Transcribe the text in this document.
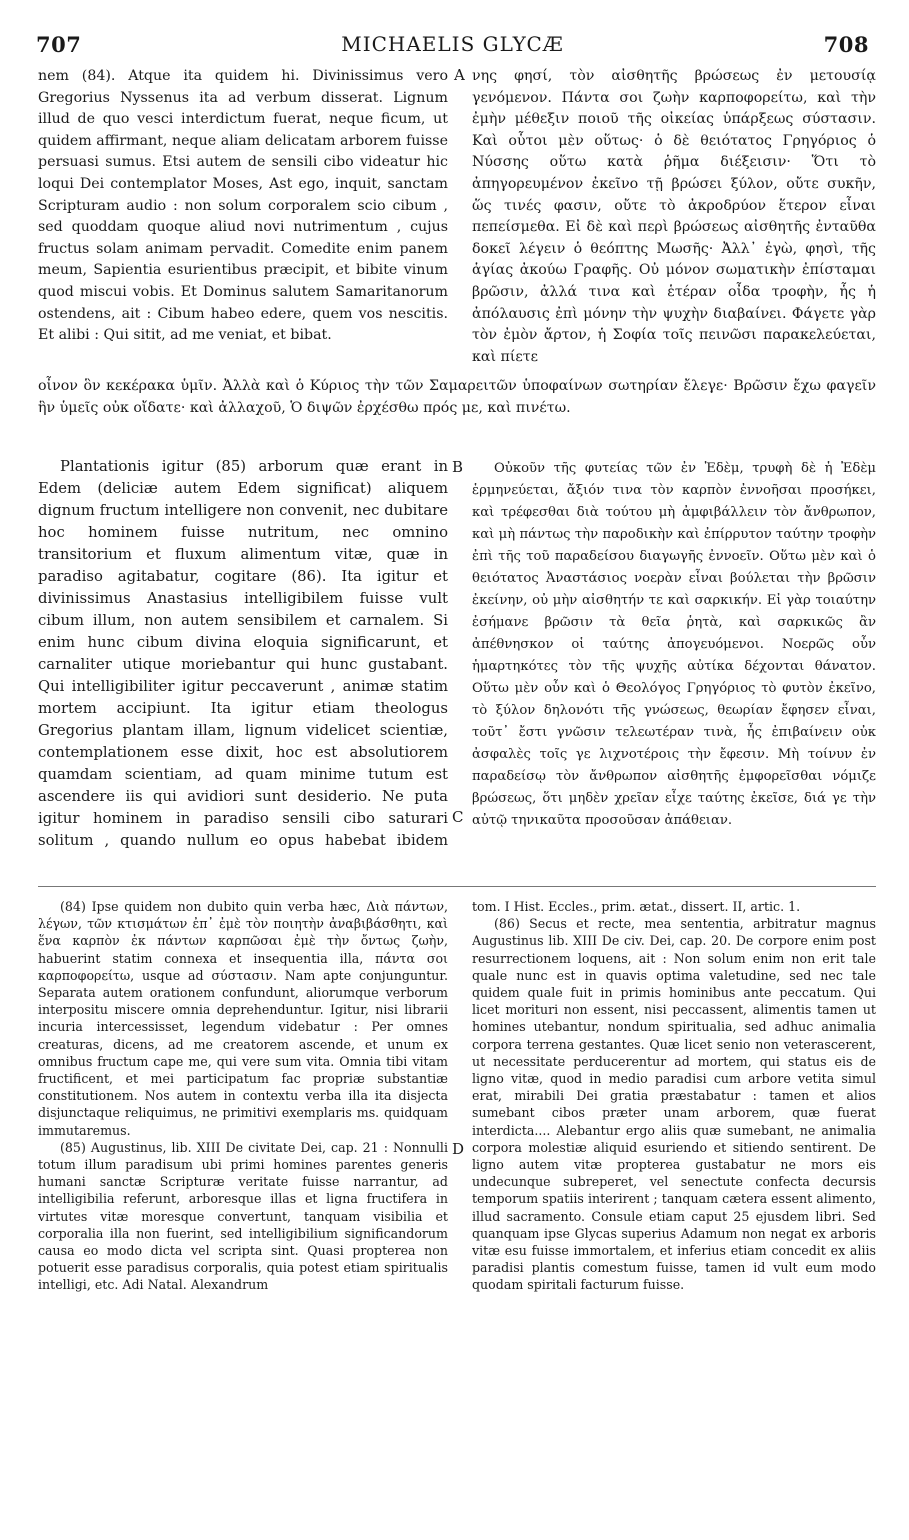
707	MICHAELIS GLYCÆ	708

nem (84). Atque ita quidem hi. Divinissimus vero Gregorius Nyssenus ita ad verbum disserat. Lignum illud de quo vesci interdictum fuerat, neque ficum, ut quidem affirmant, neque aliam delicatam arborem fuisse persuasi sumus. Etsi autem de sensili cibo videatur hic loqui Dei contemplator Moses, Ast ego, inquit, sanctam Scripturam audio : non solum corporalem scio cibum , sed quoddam quoque aliud novi nutrimentum , cujus fructus solam animam pervadit. Comedite enim panem meum, Sapientia esurientibus præcipit, et bibite vinum quod miscui vobis. Et Dominus salutem Samaritanorum ostendens, ait : Cibum habeo edere, quem vos nescitis. Et alibi : Qui sitit, ad me veniat, et bibat.

A νης φησί, τὸν αἰσθητῆς βρώσεως ἐν μετουσίᾳ γενόμενον. Πάντα σοι ζωὴν καρποφορείτω, καὶ τὴν ἐμὴν μέθεξιν ποιοῦ τῆς οἰκείας ὑπάρξεως σύστασιν. Καὶ οὗτοι μὲν οὕτως· ὁ δὲ θειότατος Γρηγόριος ὁ Νύσσης οὕτω κατὰ ῥῆμα διέξεισιν· Ὅτι τὸ ἀπηγορευμένον ἐκεῖνο τῇ βρώσει ξύλον, οὔτε συκῆν, ὥς τινές φασιν, οὔτε τὸ ἀκροδρύον ἕτερον εἶναι πεπείσμεθα. Εἰ δὲ καὶ περὶ βρώσεως αἰσθητῆς ἐνταῦθα δοκεῖ λέγειν ὁ θεόπτης Μωσῆς· Ἀλλ᾽ ἐγὼ, φησὶ, τῆς ἁγίας ἀκούω Γραφῆς. Οὐ μόνον σωματικὴν ἐπίσταμαι βρῶσιν, ἀλλά τινα καὶ ἑτέραν οἶδα τροφὴν, ἧς ἡ ἀπόλαυσις ἐπὶ μόνην τὴν ψυχὴν διαβαίνει. Φάγετε γὰρ τὸν ἐμὸν ἄρτον, ἡ Σοφία τοῖς πεινῶσι παρακελεύεται, καὶ πίετε

οἶνον ὃν κεκέρακα ὑμῖν. Ἀλλὰ καὶ ὁ Κύριος τὴν τῶν Σαμαρειτῶν ὑποφαίνων σωτηρίαν ἔλεγε· Βρῶσιν ἔχω φαγεῖν ἣν ὑμεῖς οὐκ οἴδατε· καὶ ἀλλαχοῦ, Ὁ διψῶν ἐρχέσθω πρός με, καὶ πινέτω.

Plantationis igitur (85) arborum quæ erant in Edem (deliciæ autem Edem significat) aliquem dignum fructum intelligere non convenit, nec dubitare hoc hominem fuisse nutritum, nec omnino transitorium et fluxum alimentum vitæ, quæ in paradiso agitabatur, cogitare (86). Ita igitur et divinissimus Anastasius intelligibilem fuisse vult cibum illum, non autem sensibilem et carnalem. Si enim hunc cibum divina eloquia significarunt, et carnaliter utique moriebantur qui hunc gustabant. Qui intelligibiliter igitur peccaverunt , animæ statim mortem accipiunt. Ita igitur etiam theologus Gregorius plantam illam, lignum videlicet scientiæ, contemplationem esse dixit, hoc est absolutiorem quamdam scientiam, ad quam minime tutum est ascendere iis qui avidiori sunt desiderio. Ne puta igitur hominem in paradiso sensili cibo saturari solitum , quando nullum eo opus habebat ibidem

B
C

Οὐκοῦν τῆς φυτείας τῶν ἐν Ἐδὲμ, τρυφὴ δὲ ἡ Ἐδὲμ ἑρμηνεύεται, ἄξιόν τινα τὸν καρπὸν ἐννοῆσαι προσήκει, καὶ τρέφεσθαι διὰ τούτου μὴ ἀμφιβάλλειν τὸν ἄνθρωπον, καὶ μὴ πάντως τὴν παροδικὴν καὶ ἐπίρρυτον ταύτην τροφὴν ἐπὶ τῆς τοῦ παραδείσου διαγωγῆς ἐννοεῖν. Οὕτω μὲν καὶ ὁ θειότατος Ἀναστάσιος νοερὰν εἶναι βούλεται τὴν βρῶσιν ἐκείνην, οὐ μὴν αἰσθητήν τε καὶ σαρκικήν. Εἰ γὰρ τοιαύτην ἐσήμανε βρῶσιν τὰ θεῖα ῥητὰ, καὶ σαρκικῶς ἂν ἀπέθνησκον οἱ ταύτης ἀπογευόμενοι. Νοερῶς οὖν ἡμαρτηκότες τὸν τῆς ψυχῆς αὐτίκα δέχονται θάνατον. Οὕτω μὲν οὖν καὶ ὁ Θεολόγος Γρηγόριος τὸ φυτὸν ἐκεῖνο, τὸ ξύλον δηλονότι τῆς γνώσεως, θεωρίαν ἔφησεν εἶναι, τοῦτ᾽ ἔστι γνῶσιν τελεωτέραν τινὰ, ἧς ἐπιβαίνειν οὐκ ἀσφαλὲς τοῖς γε λιχνοτέροις τὴν ἔφεσιν. Μὴ τοίνυν ἐν παραδείσῳ τὸν ἄνθρωπον αἰσθητῆς ἐμφορεῖσθαι νόμιζε βρώσεως, ὅτι μηδὲν χρεῖαν εἶχε ταύτης ἐκεῖσε, διά γε τὴν αὐτῷ τηνικαῦτα προσοῦσαν ἀπάθειαν.

(84) Ipse quidem non dubito quin verba hæc, Διὰ πάντων, λέγων, τῶν κτισμάτων ἐπ᾽ ἐμὲ τὸν ποιητὴν ἀναβιβάσθητι, καὶ ἕνα καρπὸν ἐκ πάντων καρπῶσαι ἐμὲ τὴν ὄντως ζωὴν, habuerint statim connexa et insequentia illa, πάντα σοι καρποφορείτω, usque ad σύστασιν. Nam apte conjunguntur. Separata autem orationem confundunt, aliorumque verborum interpositu miscere omnia deprehenduntur. Igitur, nisi librarii incuria intercessisset, legendum videbatur : Per omnes creaturas, dicens, ad me creatorem ascende, et unum ex omnibus fructum cape me, qui vere sum vita. Omnia tibi vitam fructificent, et mei participatum fac propriæ substantiæ constitutionem. Nos autem in contextu verba illa ita disjecta disjunctaque reliquimus, ne primitivi exemplaris ms. quidquam immutaremus.

(85) Augustinus, lib. XIII De civitate Dei, cap. 21 : Nonnulli totum illum paradisum ubi primi homines parentes generis humani sanctæ Scripturæ veritate fuisse narrantur, ad intelligibilia referunt, arboresque illas et ligna fructifera in virtutes vitæ moresque convertunt, tanquam visibilia et corporalia illa non fuerint, sed intelligibilium significandorum causa eo modo dicta vel scripta sint. Quasi propterea non potuerit esse paradisus corporalis, quia potest etiam spiritualis intelligi, etc. Adi Natal. Alexandrum

D

tom. I Hist. Eccles., prim. ætat., dissert. II, artic. 1.

(86) Secus et recte, mea sententia, arbitratur magnus Augustinus lib. XIII De civ. Dei, cap. 20. De corpore enim post resurrectionem loquens, ait : Non solum enim non erit tale quale nunc est in quavis optima valetudine, sed nec tale quidem quale fuit in primis hominibus ante peccatum. Qui licet morituri non essent, nisi peccassent, alimentis tamen ut homines utebantur, nondum spiritualia, sed adhuc animalia corpora terrena gestantes. Quæ licet senio non veterascerent, ut necessitate perducerentur ad mortem, qui status eis de ligno vitæ, quod in medio paradisi cum arbore vetita simul erat, mirabili Dei gratia præstabatur : tamen et alios sumebant cibos præter unam arborem, quæ fuerat interdicta.... Alebantur ergo aliis quæ sumebant, ne animalia corpora molestiæ aliquid esuriendo et sitiendo sentirent. De ligno autem vitæ propterea gustabatur ne mors eis undecunque subreperet, vel senectute confecta decursis temporum spatiis interirent ; tanquam cætera essent alimento, illud sacramento. Consule etiam caput 25 ejusdem libri. Sed quanquam ipse Glycas superius Adamum non negat ex arboris vitæ esu fuisse immortalem, et inferius etiam concedit ex aliis paradisi plantis comestum fuisse, tamen id vult eum modo quodam spiritali facturum fuisse.
